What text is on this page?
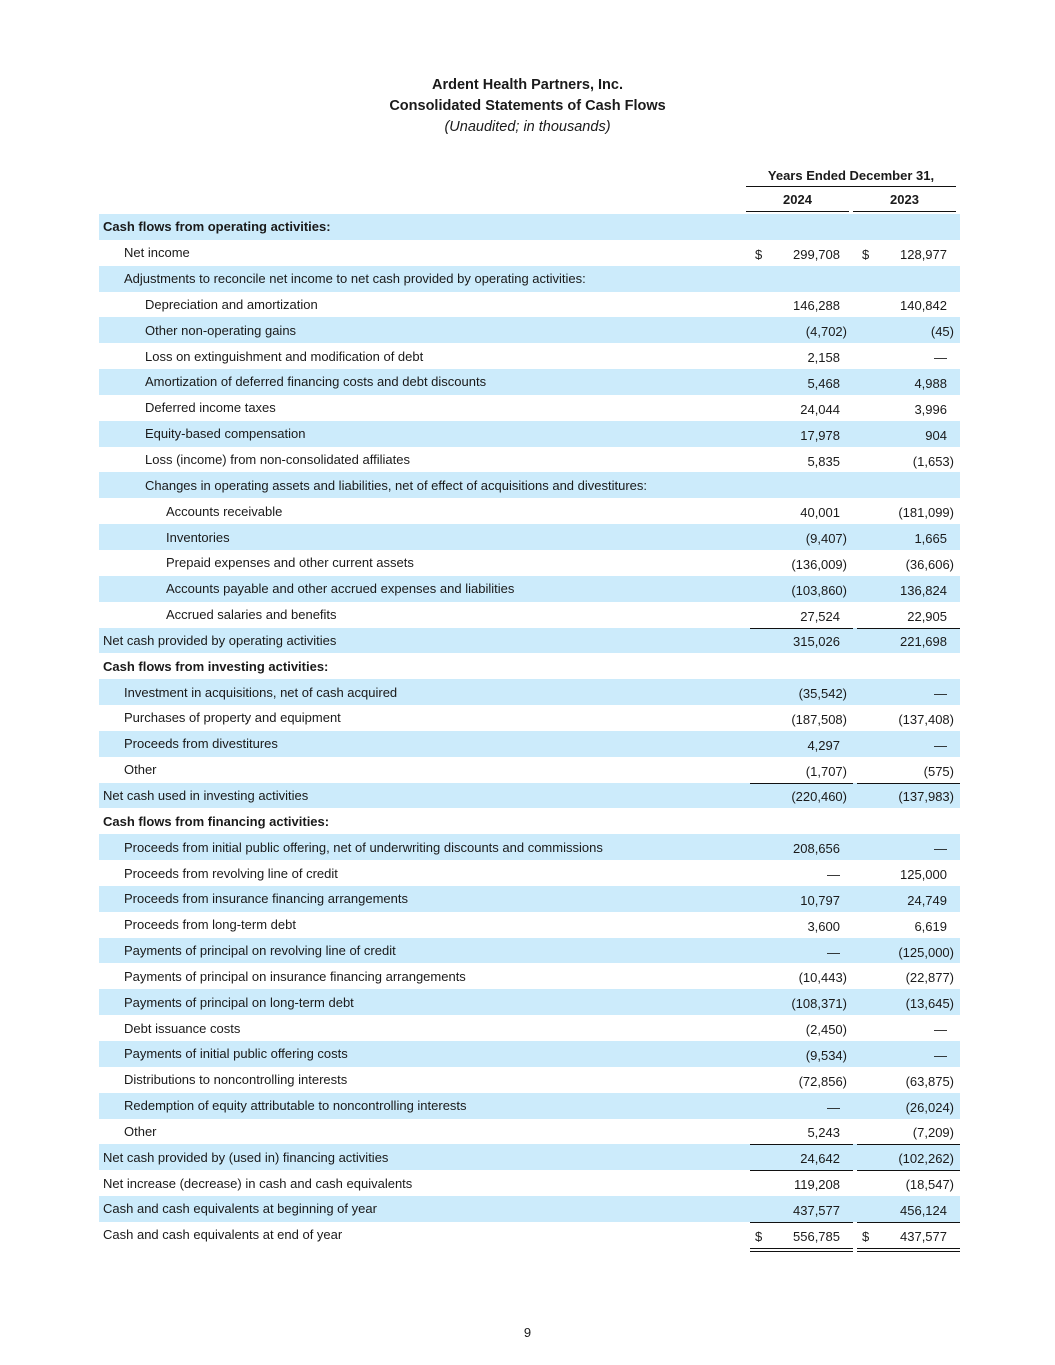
Ardent Health Partners, Inc.
Consolidated Statements of Cash Flows
(Unaudited; in thousands)
Years Ended December 31,
2024	2023
Cash flows from operating activities:			
Net income	$ 299,708		$ 128,977
Adjustments to reconcile net income to net cash provided by operating activities:			
Depreciation and amortization	146,288		140,842
Other non-operating gains	(4,702)		(45)
Loss on extinguishment and modification of debt	2,158		—
Amortization of deferred financing costs and debt discounts	5,468		4,988
Deferred income taxes	24,044		3,996
Equity-based compensation	17,978		904
Loss (income) from non-consolidated affiliates	5,835		(1,653)
Changes in operating assets and liabilities, net of effect of acquisitions and divestitures:			
Accounts receivable	40,001		(181,099)
Inventories	(9,407)		1,665
Prepaid expenses and other current assets	(136,009)		(36,606)
Accounts payable and other accrued expenses and liabilities	(103,860)		136,824
Accrued salaries and benefits	27,524		22,905
Net cash provided by operating activities	315,026		221,698
Cash flows from investing activities:			
Investment in acquisitions, net of cash acquired	(35,542)		—
Purchases of property and equipment	(187,508)		(137,408)
Proceeds from divestitures	4,297		—
Other	(1,707)		(575)
Net cash used in investing activities	(220,460)		(137,983)
Cash flows from financing activities:			
Proceeds from initial public offering, net of underwriting discounts and commissions	208,656		—
Proceeds from revolving line of credit	—		125,000
Proceeds from insurance financing arrangements	10,797		24,749
Proceeds from long-term debt	3,600		6,619
Payments of principal on revolving line of credit	—		(125,000)
Payments of principal on insurance financing arrangements	(10,443)		(22,877)
Payments of principal on long-term debt	(108,371)		(13,645)
Debt issuance costs	(2,450)		—
Payments of initial public offering costs	(9,534)		—
Distributions to noncontrolling interests	(72,856)		(63,875)
Redemption of equity attributable to noncontrolling interests	—		(26,024)
Other	5,243		(7,209)
Net cash provided by (used in) financing activities	24,642		(102,262)
Net increase (decrease) in cash and cash equivalents	119,208		(18,547)
Cash and cash equivalents at beginning of year	437,577		456,124
Cash and cash equivalents at end of year	$ 556,785		$ 437,577
9
